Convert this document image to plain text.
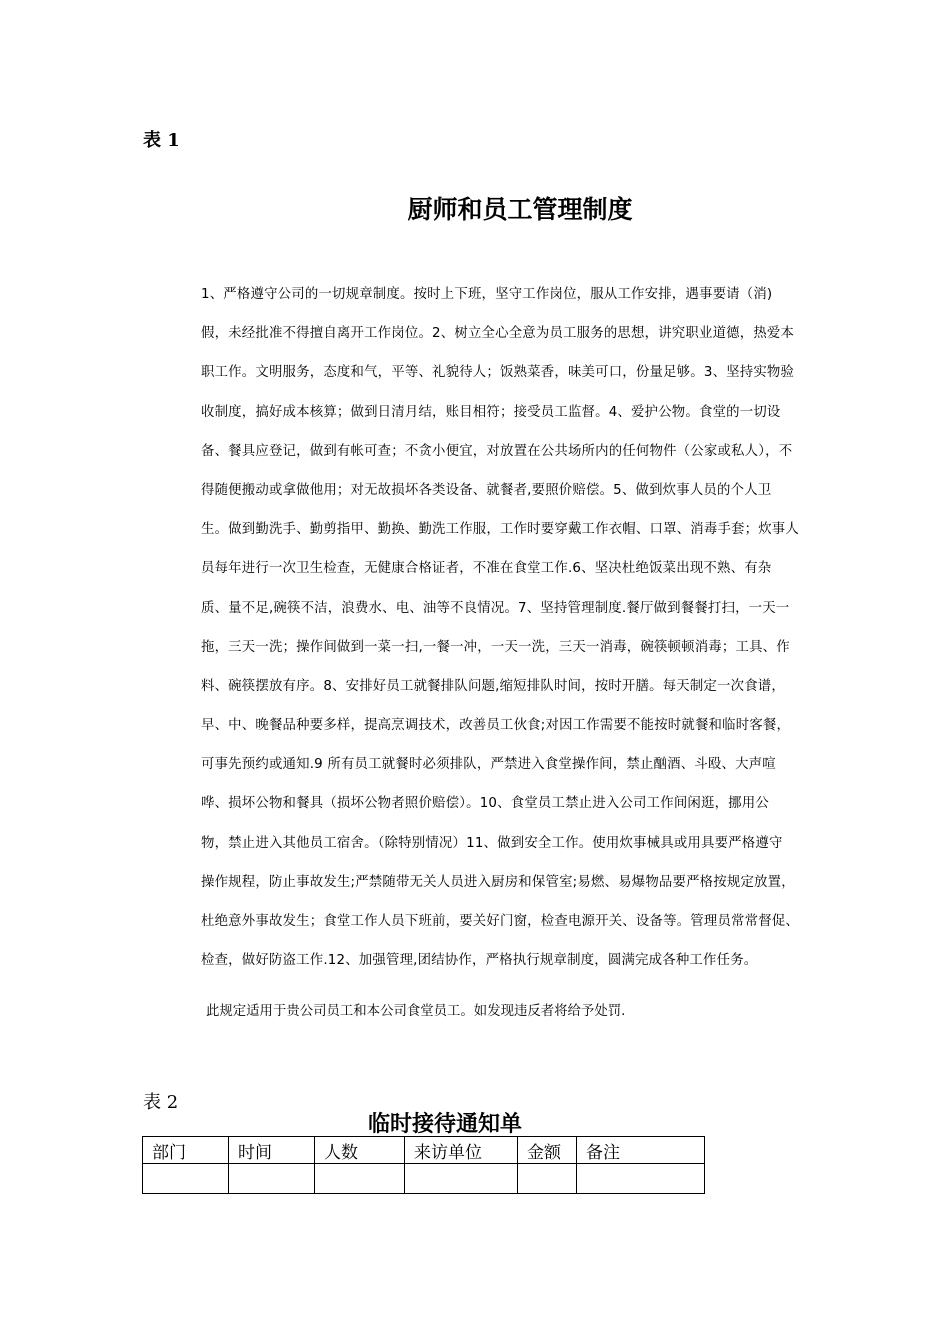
表 1
厨师和员工管理制度
1、严格遵守公司的一切规章制度。按时上下班，坚守工作岗位，服从工作安排，遇事要请（消)
假，未经批准不得擅自离开工作岗位。2、树立全心全意为员工服务的思想，讲究职业道德，热爱本
职工作。文明服务，态度和气，平等、礼貌待人；饭熟菜香，味美可口，份量足够。3、坚持实物验
收制度，搞好成本核算；做到日清月结，账目相符；接受员工监督。4、爱护公物。食堂的一切设
备、餐具应登记，做到有帐可查；不贪小便宜，对放置在公共场所内的任何物件（公家或私人），不
得随便搬动或拿做他用；对无故损坏各类设备、就餐者,要照价赔偿。5、做到炊事人员的个人卫
生。做到勤洗手、勤剪指甲、勤换、勤洗工作服，工作时要穿戴工作衣帽、口罩、消毒手套；炊事人
员每年进行一次卫生检查，无健康合格证者，不准在食堂工作.6、坚决杜绝饭菜出现不熟、有杂
质、量不足,碗筷不洁，浪费水、电、油等不良情况。7、坚持管理制度.餐厅做到餐餐打扫，一天一
拖，三天一洗；操作间做到一菜一扫,一餐一冲，一天一洗，三天一消毒，碗筷顿顿消毒；工具、作
料、碗筷摆放有序。8、安排好员工就餐排队问题,缩短排队时间，按时开膳。每天制定一次食谱，
早、中、晚餐品种要多样，提高烹调技术，改善员工伙食;对因工作需要不能按时就餐和临时客餐，
可事先预约或通知.9 所有员工就餐时必须排队，严禁进入食堂操作间，禁止酗酒、斗殴、大声喧
哗、损坏公物和餐具（损坏公物者照价赔偿）。10、食堂员工禁止进入公司工作间闲逛，挪用公
物，禁止进入其他员工宿舍。（除特别情况）11、做到安全工作。使用炊事械具或用具要严格遵守
操作规程，防止事故发生;严禁随带无关人员进入厨房和保管室;易燃、易爆物品要严格按规定放置，
杜绝意外事故发生；食堂工作人员下班前，要关好门窗，检查电源开关、设备等。管理员常常督促、
检查，做好防盗工作.12、加强管理,团结协作，严格执行规章制度，圆满完成各种工作任务。
此规定适用于贵公司员工和本公司食堂员工。如发现违反者将给予处罚.
表 2
临时接待通知单
部门	时间	人数	来访单位	金额	备注
